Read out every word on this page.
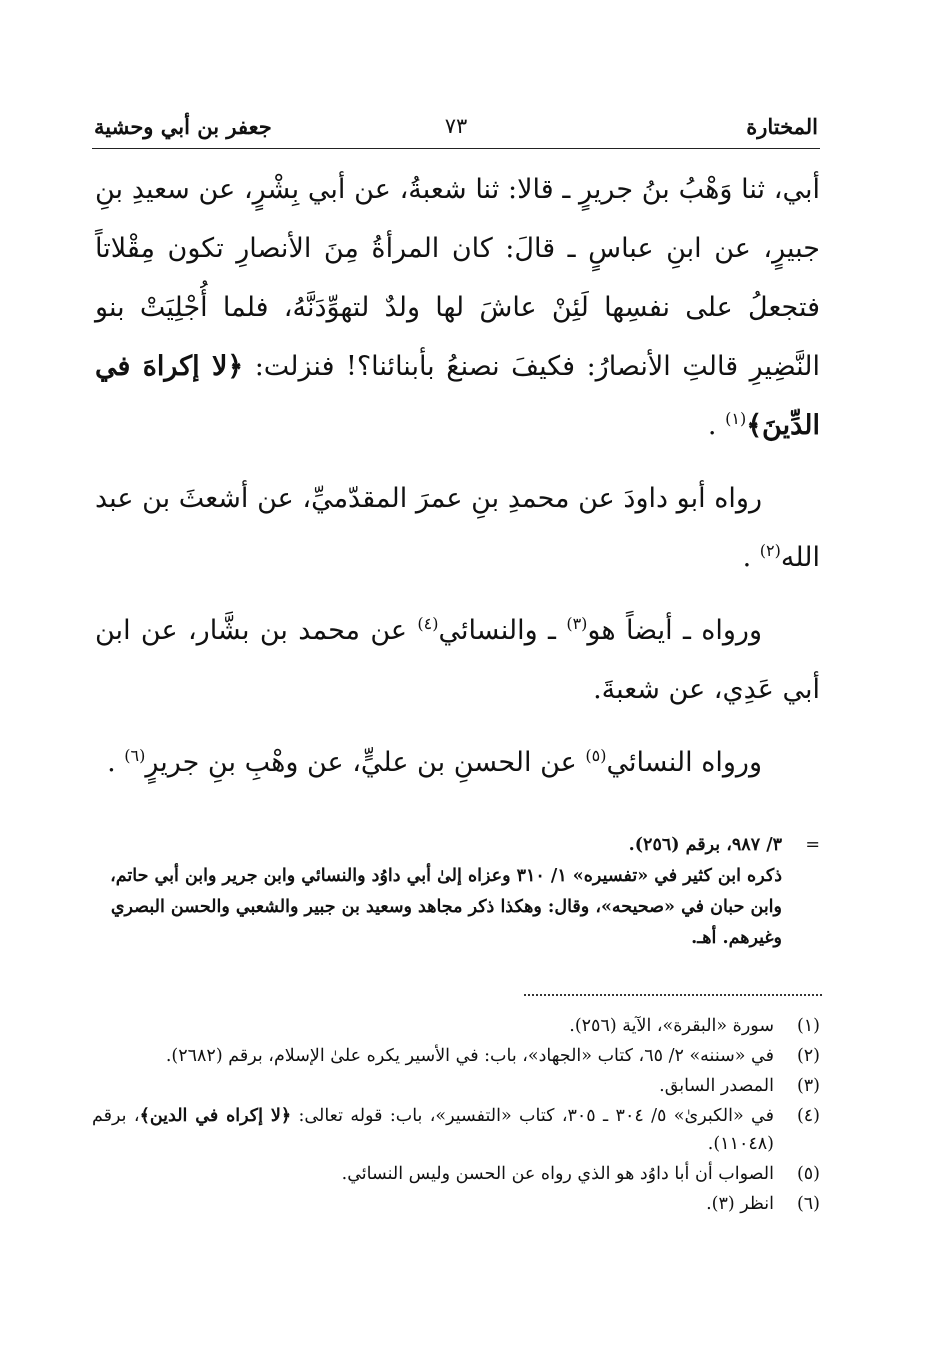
المختارة
٧٣
جعفر بن أبي وحشية

أبي، ثنا وَهْبُ بنُ جريرٍ ـ قالا: ثنا شعبةُ، عن أبي بِشْرٍ، عن سعيدِ بنِ جبيرٍ، عن ابنِ عباسٍ ـ قالَ: كان المرأةُ مِنَ الأنصارِ تكون مِقْلاتاً فتجعلُ على نفسِها لَئِنْ عاشَ لها ولدٌ لتهوِّدَنَّهُ، فلما أُجْلِيَتْ بنو النَّضِيرِ قالتِ الأنصارُ: فكيفَ نصنعُ بأبنائنا؟! فنزلت: ﴿لا إكراهَ في الدِّينَ﴾$^{(١)}$ .

رواه أبو داودَ عن محمدِ بنِ عمرَ المقدّميِّ، عن أشعثَ بن عبد الله$^{(٢)}$ .

ورواه ـ أيضاً هو$^{(٣)}$ ـ والنسائي$^{(٤)}$ عن محمد بن بشَّار، عن ابن أبي عَدِي، عن شعبةَ.

ورواه النسائي$^{(٥)}$ عن الحسنِ بن عليٍّ، عن وهْبِ بنِ جريرٍ$^{(٦)}$ .

=

٣/ ٩٨٧، برقم (٢٥٦).

ذكره ابن كثير في «تفسيره» ١/ ٣١٠ وعزاه إلىٰ أبي داوُد والنسائي وابن جرير وابن أبي حاتم، وابن حبان في «صحيحه»، وقال: وهكذا ذكر مجاهد وسعيد بن جبير والشعبي والحسن البصري وغيرهم. أهـ.

(١)
سورة «البقرة»، الآية (٢٥٦).
(٢)
في «سننه» ٢/ ٦٥، كتاب «الجهاد»، باب: في الأسير يكره علىٰ الإسلام، برقم (٢٦٨٢).
(٣)
المصدر السابق.
(٤)
في «الكبرىٰ» ٥/ ٣٠٤ ـ ٣٠٥، كتاب «التفسير»، باب: قوله تعالى: ﴿لا إكراه في الدين﴾، برقم (١١٠٤٨).
(٥)
الصواب أن أبا داوُد هو الذي رواه عن الحسن وليس النسائي.
(٦)
انظر (٣).
